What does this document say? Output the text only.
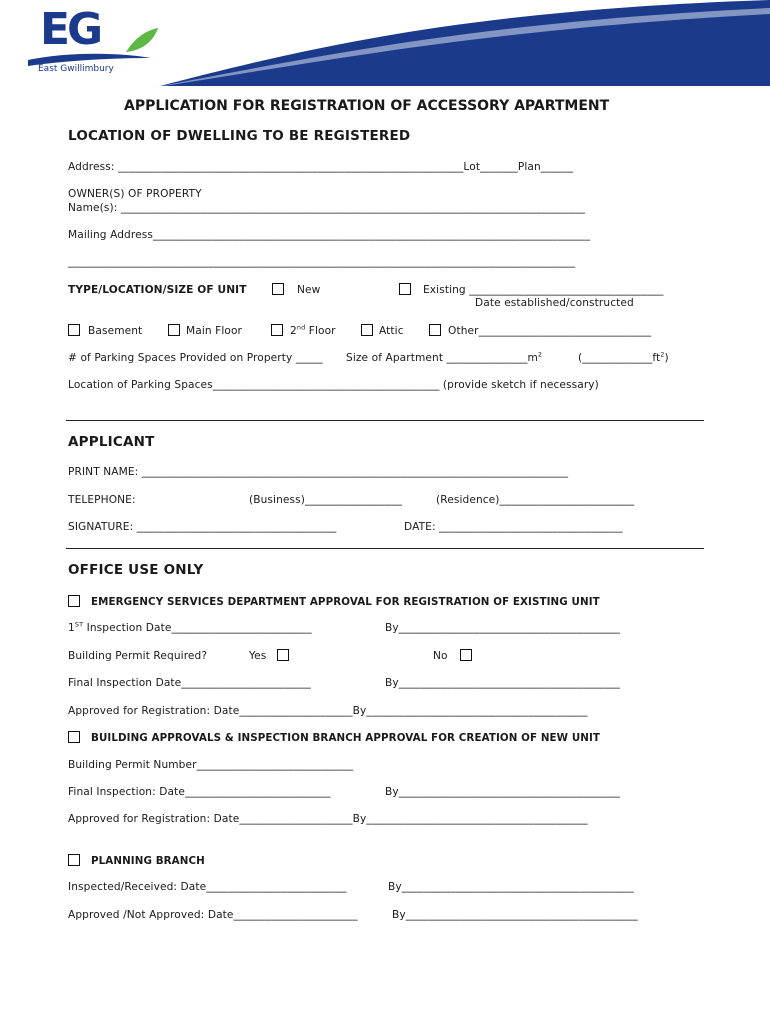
EG
East Gwillimbury
APPLICATION FOR REGISTRATION OF ACCESSORY APARTMENT
LOCATION OF DWELLING TO BE REGISTERED
Address: ________________________________________________________________Lot_______Plan______
OWNER(S) OF PROPERTY
Name(s): ______________________________________________________________________________________
Mailing Address_________________________________________________________________________________
______________________________________________________________________________________________
TYPE/LOCATION/SIZE OF UNIT	New	Existing ____________________________________
Date established/constructed
Basement	Main Floor	2nd Floor	Attic	Other________________________________
# of Parking Spaces Provided on Property _____ Size of Apartment $\_\_\_\_\_\_\_\_\_\_\_\_\_\_\_m^2$	$(\_\_\_\_\_\_\_\_\_\_\_\_\_ft^2)$
Location of Parking Spaces__________________________________________ (provide sketch if necessary)
APPLICANT
PRINT NAME: _______________________________________________________________________________
TELEPHONE:	(Business)__________________	(Residence)_________________________
SIGNATURE: _____________________________________	DATE: __________________________________
OFFICE USE ONLY
EMERGENCY SERVICES DEPARTMENT APPROVAL FOR REGISTRATION OF EXISTING UNIT
1ST Inspection Date__________________________	By_________________________________________
Building Permit Required?	Yes	No
Final Inspection Date________________________	By_________________________________________
Approved for Registration: Date_____________________By_________________________________________
BUILDING APPROVALS & INSPECTION BRANCH APPROVAL FOR CREATION OF NEW UNIT
Building Permit Number_____________________________
Final Inspection: Date___________________________	By_________________________________________
Approved for Registration: Date_____________________By_________________________________________
PLANNING BRANCH
Inspected/Received: Date__________________________	By___________________________________________
Approved /Not Approved: Date_______________________	By___________________________________________
